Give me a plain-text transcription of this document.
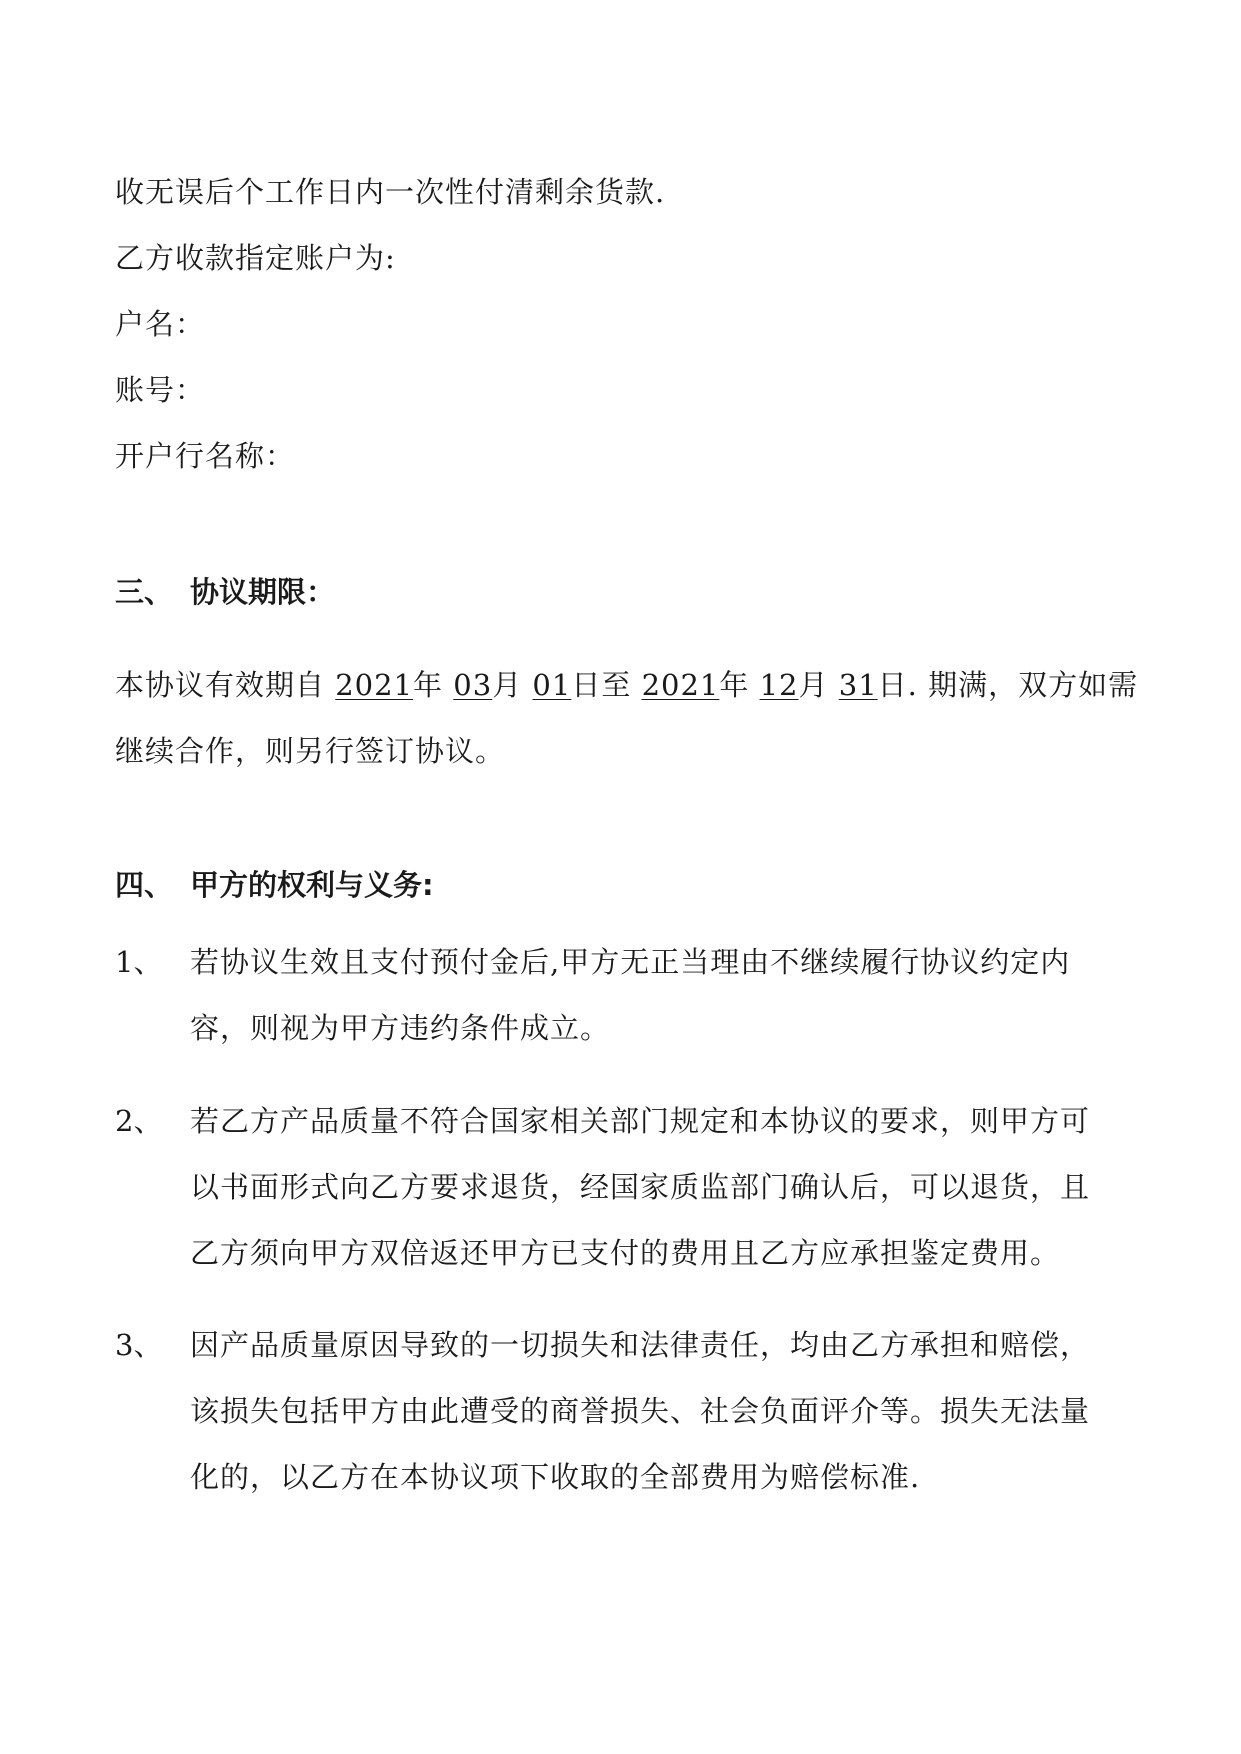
收无误后个工作日内一次性付清剩余货款.
乙方收款指定账户为:
户名：
账号：
开户行名称：
三、 协议期限：
本协议有效期自 2021年 03月 01日至 2021年 12月 31日. 期满，双方如需
继续合作，则另行签订协议。
四、 甲方的权利与义务:
1、 若协议生效且支付预付金后,甲方无正当理由不继续履行协议约定内
容，则视为甲方违约条件成立。
2、 若乙方产品质量不符合国家相关部门规定和本协议的要求，则甲方可
以书面形式向乙方要求退货，经国家质监部门确认后，可以退货，且
乙方须向甲方双倍返还甲方已支付的费用且乙方应承担鉴定费用。
3、 因产品质量原因导致的一切损失和法律责任，均由乙方承担和赔偿，
该损失包括甲方由此遭受的商誉损失、社会负面评介等。损失无法量
化的，以乙方在本协议项下收取的全部费用为赔偿标准.
